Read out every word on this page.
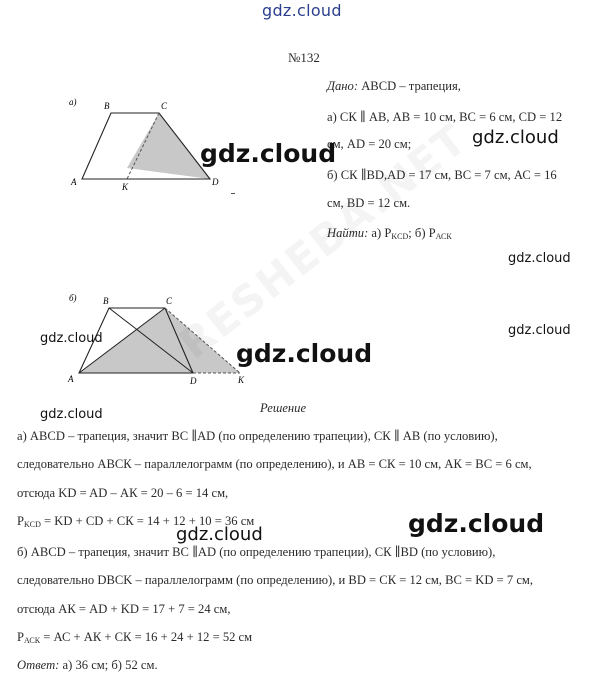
gdz.cloud
№132
Дано: ABCD – трапеция,
а) СК ∥ АВ, АВ = 10 см, ВС = 6 см, CD = 12
см, AD = 20 см;
б) СК ∥BD,AD = 17 см, ВС = 7 см, АС = 16
см, BD = 12 см.
Найти: а) $Р_{KCD}$; б) $Р_{АСК}$
а)
A
B	C
D
K
б)
A
B	C
D	K
Решение
а) ABCD – трапеция, значит ВС ∥AD (по определению трапеции), СК ∥ АВ (по условию),
следовательно АВСК – параллелограмм (по определению), и АВ = СК = 10 см, АК = ВС = 6 см,
отсюда KD = AD – АК = 20 – 6 = 14 см,
$Р_{KCD}$ = KD + CD + СК = 14 + 12 + 10 = 36 см
б) ABCD – трапеция, значит ВС ∥AD (по определению трапеции), СК ∥BD (по условию),
следовательно DBCK – параллелограмм (по определению), и BD = СК = 12 см, ВС = KD = 7 см,
отсюда АК = AD + KD = 17 + 7 = 24 см,
$Р_{АСК}$ = АС + АК + СК = 16 + 24 + 12 = 52 см
Ответ: а) 36 см; б) 52 см.
gdz.cloud
gdz.cloud
gdz.cloud
gdz.cloud
gdz.cloud
gdz.cloud
gdz.cloud
gdz.cloud
gdz.cloud
